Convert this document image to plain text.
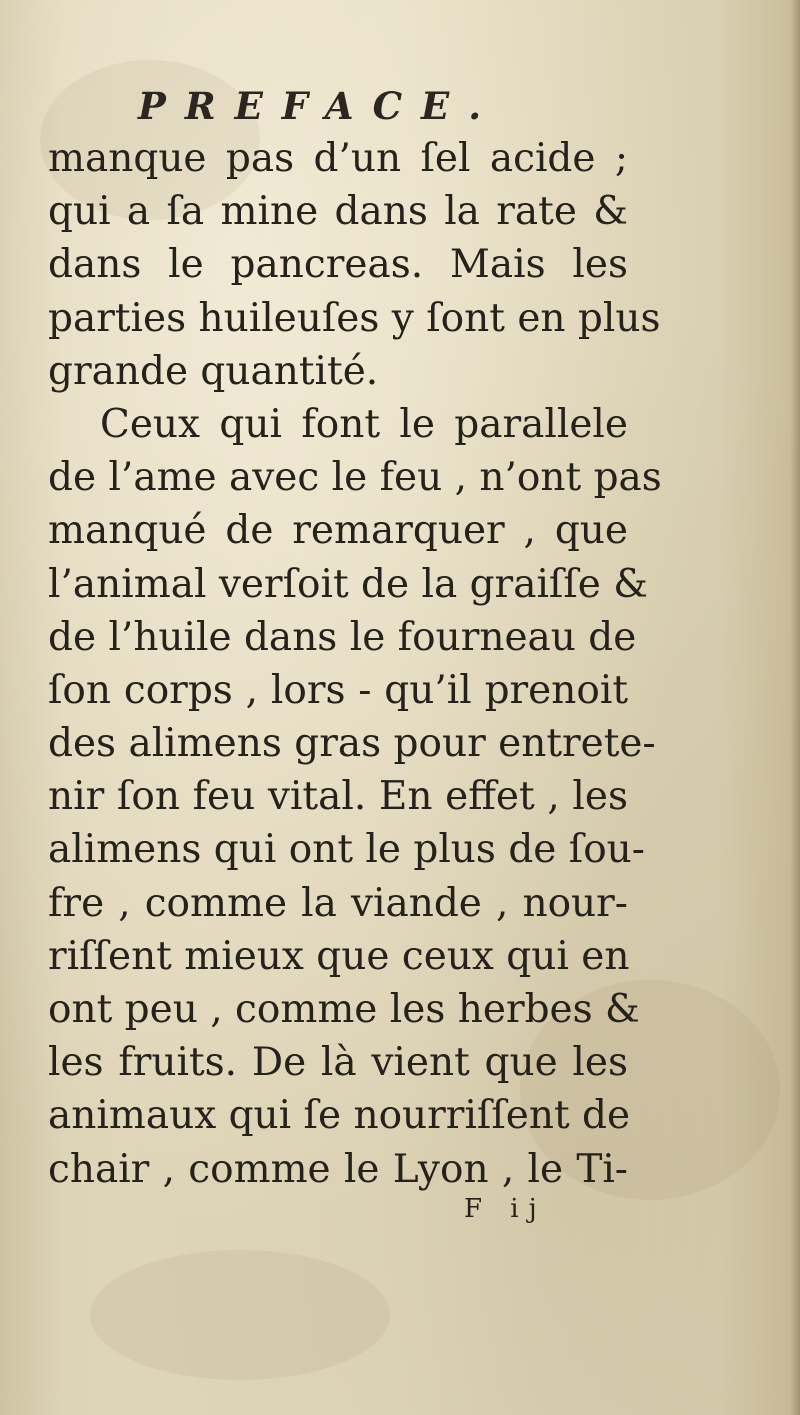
PREFACE.
manque pas d’un ſel acide ;
qui a ſa mine dans la rate &
dans le pancreas. Mais les
parties huileuſes y ſont en plus
grande quantité.
Ceux qui font le parallele
de l’ame avec le feu , n’ont pas
manqué de remarquer , que
l’animal verſoit de la graiſſe &
de l’huile dans le fourneau de
ſon corps , lors - qu’il prenoit
des alimens gras pour entrete-
nir ſon feu vital. En effet , les
alimens qui ont le plus de ſou-
fre , comme la viande , nour-
riſſent mieux que ceux qui en
ont peu , comme les herbes &
les fruits. De là vient que les
animaux qui ſe nourriſſent de
chair , comme le Lyon , le Ti-
F ij
